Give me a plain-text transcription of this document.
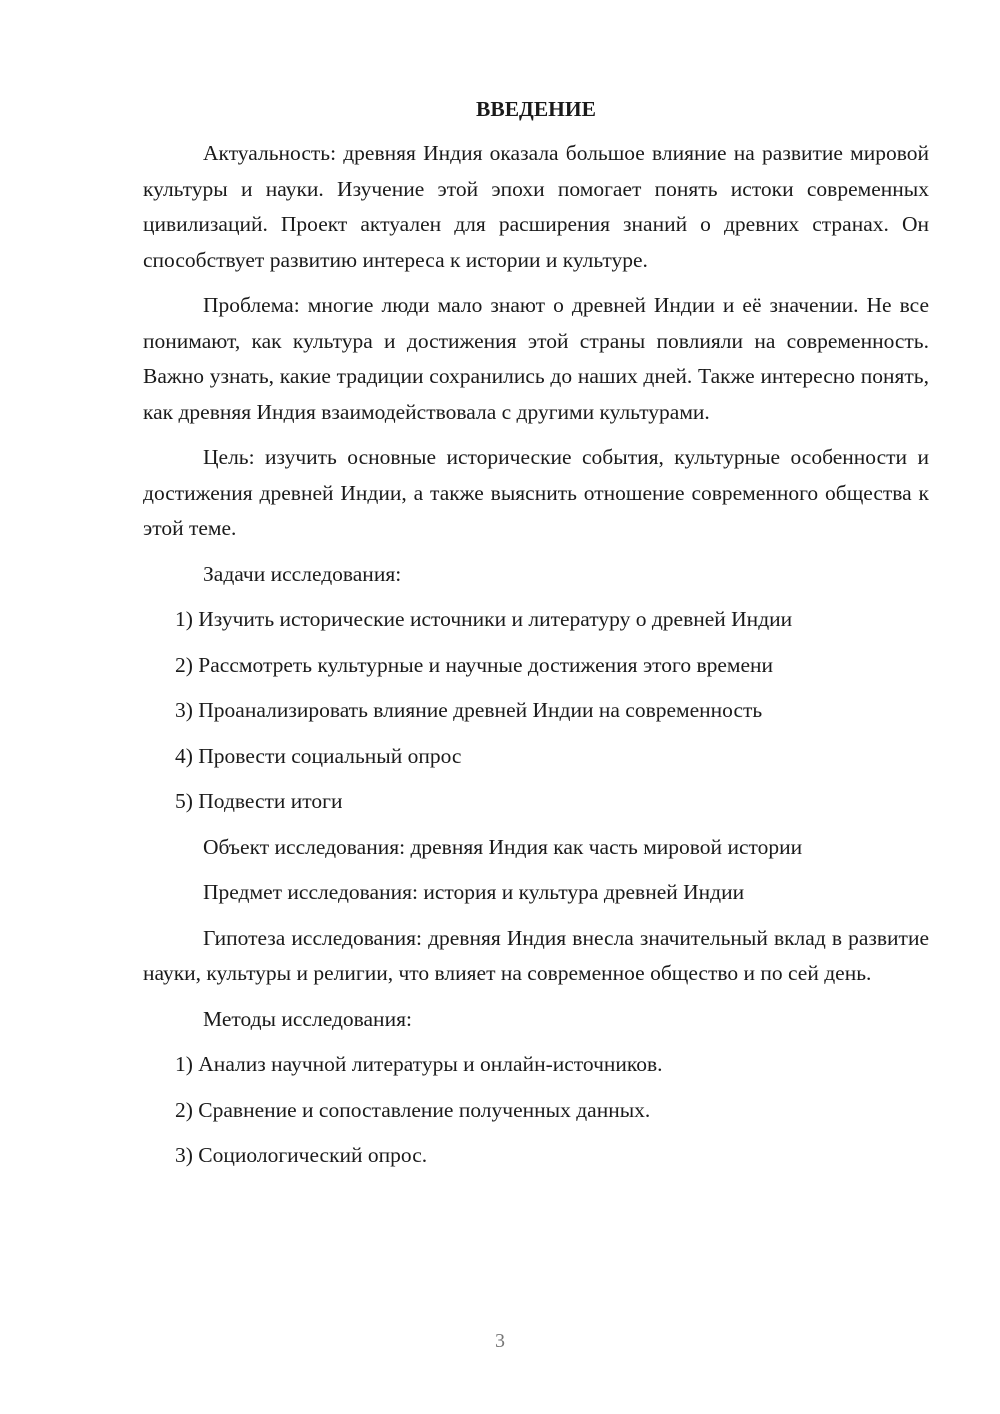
ВВЕДЕНИЕ

Актуальность: древняя Индия оказала большое влияние на развитие мировой культуры и науки. Изучение этой эпохи помогает понять истоки современных цивилизаций. Проект актуален для расширения знаний о древних странах. Он способствует развитию интереса к истории и культуре.

Проблема: многие люди мало знают о древней Индии и её значении. Не все понимают, как культура и достижения этой страны повлияли на современность. Важно узнать, какие традиции сохранились до наших дней. Также интересно понять, как древняя Индия взаимодействовала с другими культурами.

Цель: изучить основные исторические события, культурные особенности и достижения древней Индии, а также выяснить отношение современного общества к этой теме.

Задачи исследования:
1) Изучить исторические источники и литературу о древней Индии
2) Рассмотреть культурные и научные достижения этого времени
3) Проанализировать влияние древней Индии на современность
4) Провести социальный опрос
5) Подвести итоги
Объект исследования: древняя Индия как часть мировой истории
Предмет исследования: история и культура древней Индии

Гипотеза исследования: древняя Индия внесла значительный вклад в развитие науки, культуры и религии, что влияет на современное общество и по сей день.

Методы исследования:
1) Анализ научной литературы и онлайн-источников.
2) Сравнение и сопоставление полученных данных.
3) Социологический опрос.
3
